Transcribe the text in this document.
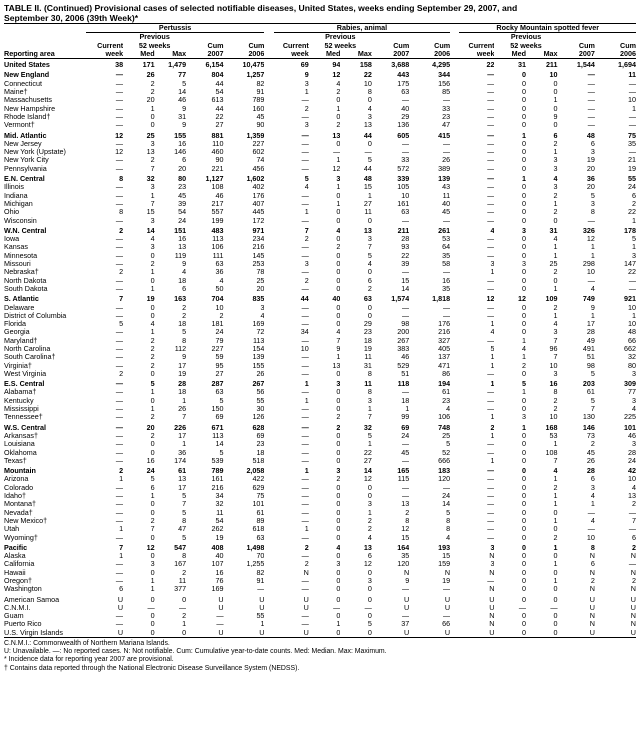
TABLE II. (Continued) Provisional cases of selected notifiable diseases, United States, weeks ending September 29, 2007, and
September 30, 2006 (39th Week)*
	Pertussis						Rabies, animal						Rocky Mountain spotted fever				
		Previous						Previous						Previous			
	Current	52 weeks		Cum	Cum		Current	52 weeks		Cum	Cum		Current	52 weeks		Cum	Cum
Reporting area	week	Med	Max	2007	2006		week	Med	Max	2007	2006		week	Med	Max	2007	2006
United States	38	171	1,479	6,154	10,475		69	94	158	3,688	4,295		22	31	211	1,544	1,694
New England	—	26	77	804	1,257		9	12	22	443	344		—	0	10	—	11
Connecticut	—	2	5	44	82		3	4	10	175	156		—	0	0	—	—
Maine†	—	2	14	54	91		1	2	8	63	85		—	0	0	—	—
Massachusetts	—	20	46	613	789		—	0	0	—	—		—	0	1	—	10
New Hampshire	—	1	9	44	160		2	1	4	40	33		—	0	0	—	1
Rhode Island†	—	0	31	22	45		—	0	3	29	23		—	0	9	—	—
Vermont†	—	0	9	27	90		3	2	13	136	47		—	0	0	—	—
Mid. Atlantic	12	25	155	881	1,359		—	13	44	605	415		—	1	6	48	75
New Jersey	—	3	16	110	227		—	0	0	—	—		—	0	2	6	35
New York (Upstate)	12	13	146	460	602		—	—	—	—	—		—	0	1	3	—
New York City	—	2	6	90	74		—	1	5	33	26		—	0	3	19	21
Pennsylvania	—	7	20	221	456		—	12	44	572	389		—	0	3	20	19
E.N. Central	8	32	80	1,127	1,602		5	3	48	339	139		—	1	4	36	55
Illinois	—	3	23	108	402		4	1	15	105	43		—	0	3	20	24
Indiana	—	1	45	46	176		—	0	1	10	11		—	0	2	5	6
Michigan	—	7	39	217	407		—	1	27	161	40		—	0	1	3	2
Ohio	8	15	54	557	445		1	0	11	63	45		—	0	2	8	22
Wisconsin	—	3	24	199	172		—	0	0	—	—		—	0	0	—	1
W.N. Central	2	14	151	483	971		7	4	13	211	261		4	3	31	326	178
Iowa	—	4	16	113	234		2	0	3	28	53		—	0	4	12	5
Kansas	—	3	13	106	216		—	2	7	93	64		—	0	1	1	1
Minnesota	—	0	119	111	145		—	0	5	22	35		—	0	1	1	3
Missouri	—	2	9	63	253		3	0	4	39	58		3	3	25	298	147
Nebraska†	2	1	4	36	78		—	0	0	—	—		1	0	2	10	22
North Dakota	—	0	18	4	25		2	0	6	15	16		—	0	0	—	—
South Dakota	—	1	6	50	20		—	0	2	14	35		—	0	1	4	—
S. Atlantic	7	19	163	704	835		44	40	63	1,574	1,818		12	12	109	749	921
Delaware	—	0	2	10	3		—	0	0	—	—		—	0	2	9	10
District of Columbia	—	0	2	2	4		—	0	0	—	—		—	0	1	1	1
Florida	5	4	18	181	169		—	0	29	98	176		1	0	4	17	10
Georgia	—	1	5	24	72		34	4	23	200	216		4	0	3	28	48
Maryland†	—	2	8	79	113		—	7	18	267	327		—	1	7	49	66
North Carolina	—	2	112	227	154		10	9	19	383	405		5	4	96	491	662
South Carolina†	—	2	9	59	139		—	1	11	46	137		1	1	7	51	32
Virginia†	—	2	17	95	155		—	13	31	529	471		1	2	10	98	80
West Virginia	2	0	19	27	26		—	0	8	51	86		—	0	3	5	3
E.S. Central	—	5	28	287	267		1	3	11	118	194		1	5	16	203	309
Alabama†	—	1	18	63	56		—	0	8	—	61		—	1	8	61	77
Kentucky	—	0	1	5	55		1	0	3	18	23		—	0	2	5	3
Mississippi	—	1	26	150	30		—	0	1	1	4		—	0	2	7	4
Tennessee†	—	2	7	69	126		—	2	7	99	106		1	3	10	130	225
W.S. Central	—	20	226	671	628		—	2	32	69	748		2	1	168	146	101
Arkansas†	—	2	17	113	69		—	0	5	24	25		1	0	53	73	46
Louisiana	—	0	1	14	23		—	0	1	—	5		—	0	1	2	3
Oklahoma	—	0	36	5	18		—	0	22	45	52		—	0	108	45	28
Texas†	—	16	174	539	518		—	0	27	—	666		1	0	7	26	24
Mountain	2	24	61	789	2,058		1	3	14	165	183		—	0	4	28	42
Arizona	1	5	13	161	422		—	2	12	115	120		—	0	1	6	10
Colorado	—	6	17	216	629		—	0	0	—	—		—	0	2	3	4
Idaho†	—	1	5	34	75		—	0	0	—	24		—	0	1	4	13
Montana†	—	0	7	32	101		—	0	3	13	14		—	0	1	1	2
Nevada†	—	0	5	11	61		—	0	1	2	5		—	0	0	—	—
New Mexico†	—	2	8	54	89		—	0	2	8	8		—	0	1	4	7
Utah	1	7	47	262	618		1	0	2	12	8		—	0	0	—	—
Wyoming†	—	0	5	19	63		—	0	4	15	4		—	0	2	10	6
Pacific	7	12	547	408	1,498		2	4	13	164	193		3	0	1	8	2
Alaska	1	0	8	40	70		—	0	6	35	15		N	0	0	N	N
California	—	3	167	107	1,255		2	3	12	120	159		3	0	1	6	—
Hawaii	—	0	2	16	82		N	0	0	N	N		N	0	0	N	N
Oregon†	—	1	11	76	91		—	0	3	9	19		—	0	1	2	2
Washington	6	1	377	169	—		—	0	0	—	—		N	0	0	N	N
American Samoa	U	0	0	U	U		U	0	0	U	U		U	0	0	U	U
C.N.M.I.	U	—	—	U	U		U	—	—	U	U		U	—	—	U	U
Guam	—	0	2	—	55		—	0	0	—	—		N	0	0	N	N
Puerto Rico	—	0	1	—	1		—	1	5	37	66		N	0	0	N	N
U.S. Virgin Islands	U	0	0	U	U		U	0	0	U	U		U	0	0	U	U
C.N.M.I.: Commonwealth of Northern Mariana Islands.
U: Unavailable. —: No reported cases. N: Not notifiable. Cum: Cumulative year-to-date counts. Med: Median. Max: Maximum.
* Incidence data for reporting year 2007 are provisional.
† Contains data reported through the National Electronic Disease Surveillance System (NEDSS).
